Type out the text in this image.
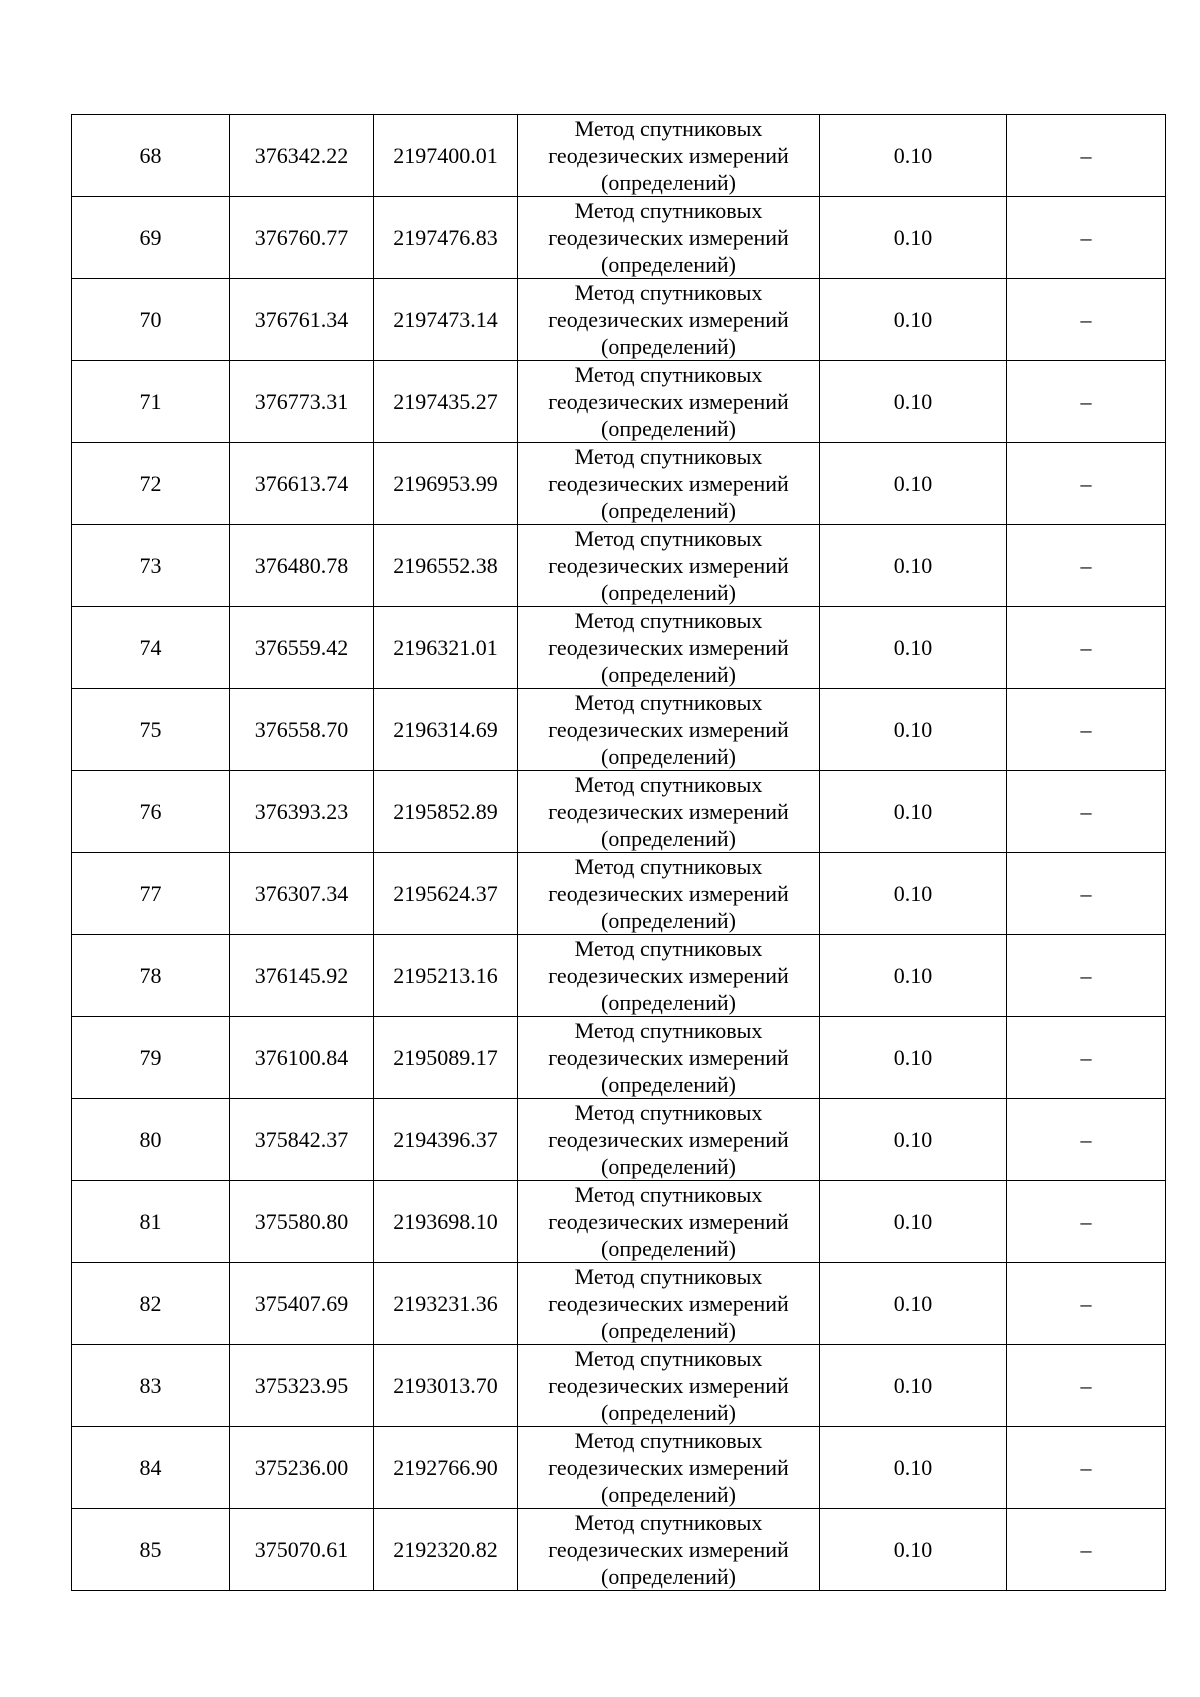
68	376342.22	2197400.01	Метод спутниковых
геодезических измерений
(определений)	0.10	–
69	376760.77	2197476.83	Метод спутниковых
геодезических измерений
(определений)	0.10	–
70	376761.34	2197473.14	Метод спутниковых
геодезических измерений
(определений)	0.10	–
71	376773.31	2197435.27	Метод спутниковых
геодезических измерений
(определений)	0.10	–
72	376613.74	2196953.99	Метод спутниковых
геодезических измерений
(определений)	0.10	–
73	376480.78	2196552.38	Метод спутниковых
геодезических измерений
(определений)	0.10	–
74	376559.42	2196321.01	Метод спутниковых
геодезических измерений
(определений)	0.10	–
75	376558.70	2196314.69	Метод спутниковых
геодезических измерений
(определений)	0.10	–
76	376393.23	2195852.89	Метод спутниковых
геодезических измерений
(определений)	0.10	–
77	376307.34	2195624.37	Метод спутниковых
геодезических измерений
(определений)	0.10	–
78	376145.92	2195213.16	Метод спутниковых
геодезических измерений
(определений)	0.10	–
79	376100.84	2195089.17	Метод спутниковых
геодезических измерений
(определений)	0.10	–
80	375842.37	2194396.37	Метод спутниковых
геодезических измерений
(определений)	0.10	–
81	375580.80	2193698.10	Метод спутниковых
геодезических измерений
(определений)	0.10	–
82	375407.69	2193231.36	Метод спутниковых
геодезических измерений
(определений)	0.10	–
83	375323.95	2193013.70	Метод спутниковых
геодезических измерений
(определений)	0.10	–
84	375236.00	2192766.90	Метод спутниковых
геодезических измерений
(определений)	0.10	–
85	375070.61	2192320.82	Метод спутниковых
геодезических измерений
(определений)	0.10	–
